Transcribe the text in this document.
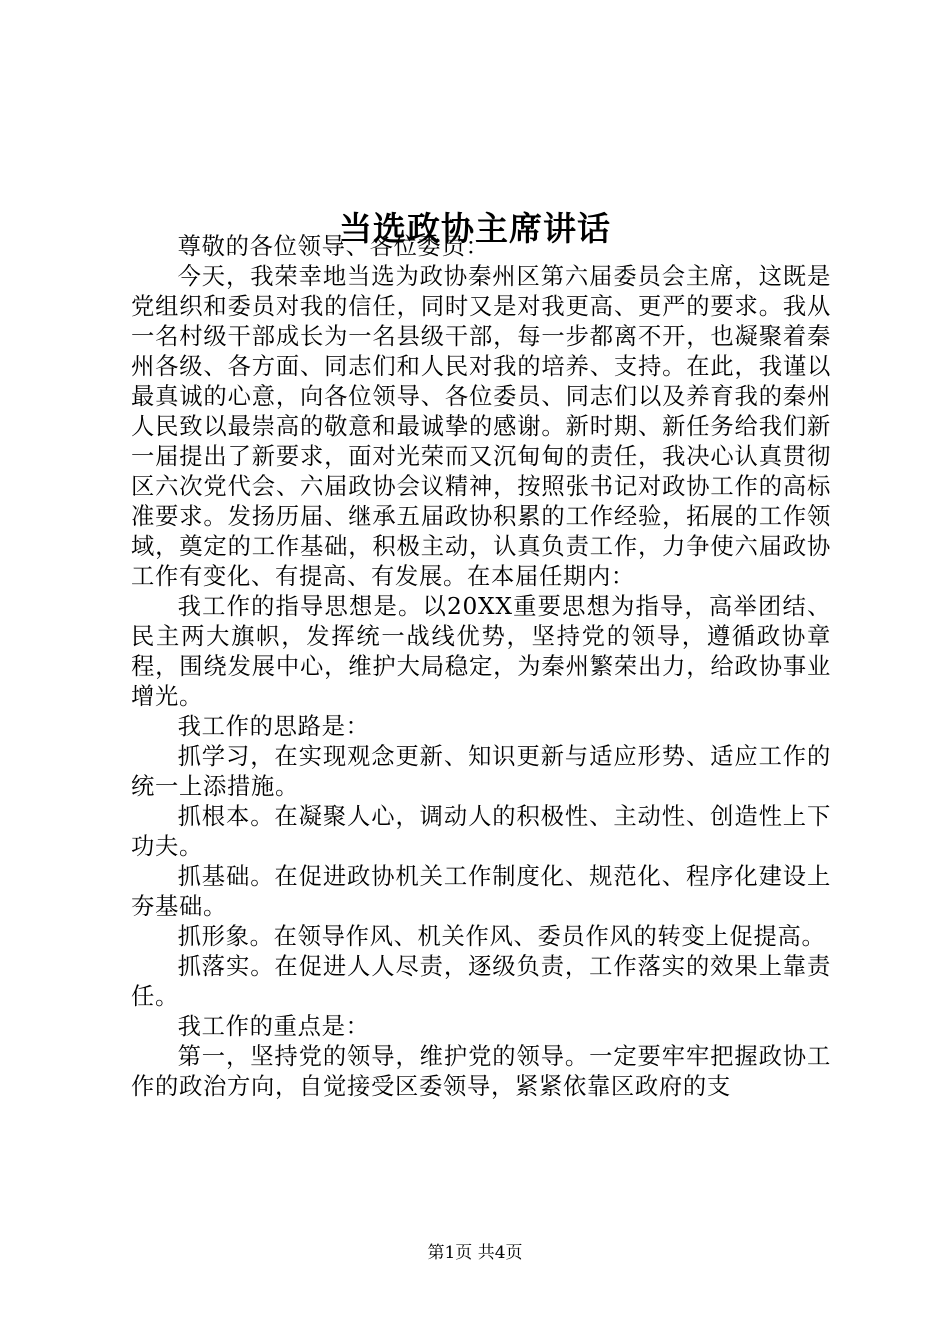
当选政协主席讲话

尊敬的各位领导、各位委员：

今天，我荣幸地当选为政协秦州区第六届委员会主席，这既是党组织和委员对我的信任，同时又是对我更高、更严的要求。我从一名村级干部成长为一名县级干部，每一步都离不开，也凝聚着秦州各级、各方面、同志们和人民对我的培养、支持。在此，我谨以最真诚的心意，向各位领导、各位委员、同志们以及养育我的秦州人民致以最崇高的敬意和最诚挚的感谢。新时期、新任务给我们新一届提出了新要求，面对光荣而又沉甸甸的责任，我决心认真贯彻区六次党代会、六届政协会议精神，按照张书记对政协工作的高标准要求。发扬历届、继承五届政协积累的工作经验，拓展的工作领域，奠定的工作基础，积极主动，认真负责工作，力争使六届政协工作有变化、有提高、有发展。在本届任期内：

我工作的指导思想是。以20XX重要思想为指导，高举团结、民主两大旗帜，发挥统一战线优势，坚持党的领导，遵循政协章程，围绕发展中心，维护大局稳定，为秦州繁荣出力，给政协事业增光。

我工作的思路是：

抓学习，在实现观念更新、知识更新与适应形势、适应工作的统一上添措施。

抓根本。在凝聚人心，调动人的积极性、主动性、创造性上下功夫。

抓基础。在促进政协机关工作制度化、规范化、程序化建设上夯基础。

抓形象。在领导作风、机关作风、委员作风的转变上促提高。

抓落实。在促进人人尽责，逐级负责，工作落实的效果上靠责任。

我工作的重点是：

第一，坚持党的领导，维护党的领导。一定要牢牢把握政协工作的政治方向，自觉接受区委领导，紧紧依靠区政府的支

第1页 共4页
